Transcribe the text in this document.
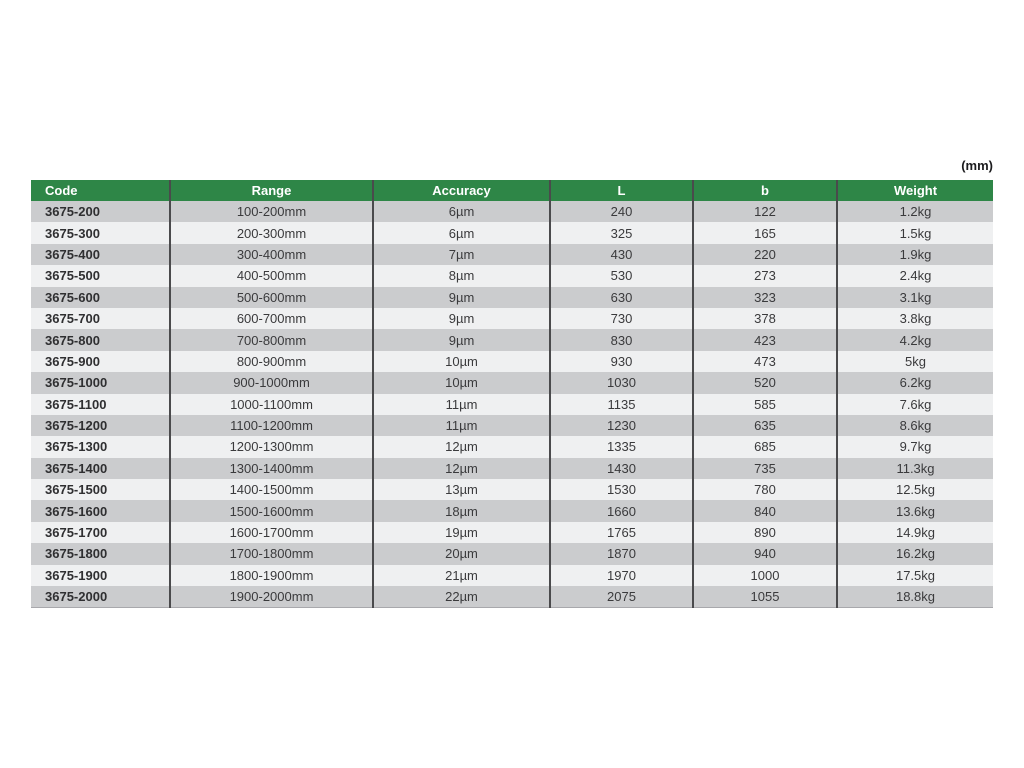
(mm)
Code	Range	Accuracy	L	b	Weight
3675-200	100-200mm	6µm	240	122	1.2kg
3675-300	200-300mm	6µm	325	165	1.5kg
3675-400	300-400mm	7µm	430	220	1.9kg
3675-500	400-500mm	8µm	530	273	2.4kg
3675-600	500-600mm	9µm	630	323	3.1kg
3675-700	600-700mm	9µm	730	378	3.8kg
3675-800	700-800mm	9µm	830	423	4.2kg
3675-900	800-900mm	10µm	930	473	5kg
3675-1000	900-1000mm	10µm	1030	520	6.2kg
3675-1100	1000-1100mm	11µm	1135	585	7.6kg
3675-1200	1100-1200mm	11µm	1230	635	8.6kg
3675-1300	1200-1300mm	12µm	1335	685	9.7kg
3675-1400	1300-1400mm	12µm	1430	735	11.3kg
3675-1500	1400-1500mm	13µm	1530	780	12.5kg
3675-1600	1500-1600mm	18µm	1660	840	13.6kg
3675-1700	1600-1700mm	19µm	1765	890	14.9kg
3675-1800	1700-1800mm	20µm	1870	940	16.2kg
3675-1900	1800-1900mm	21µm	1970	1000	17.5kg
3675-2000	1900-2000mm	22µm	2075	1055	18.8kg
